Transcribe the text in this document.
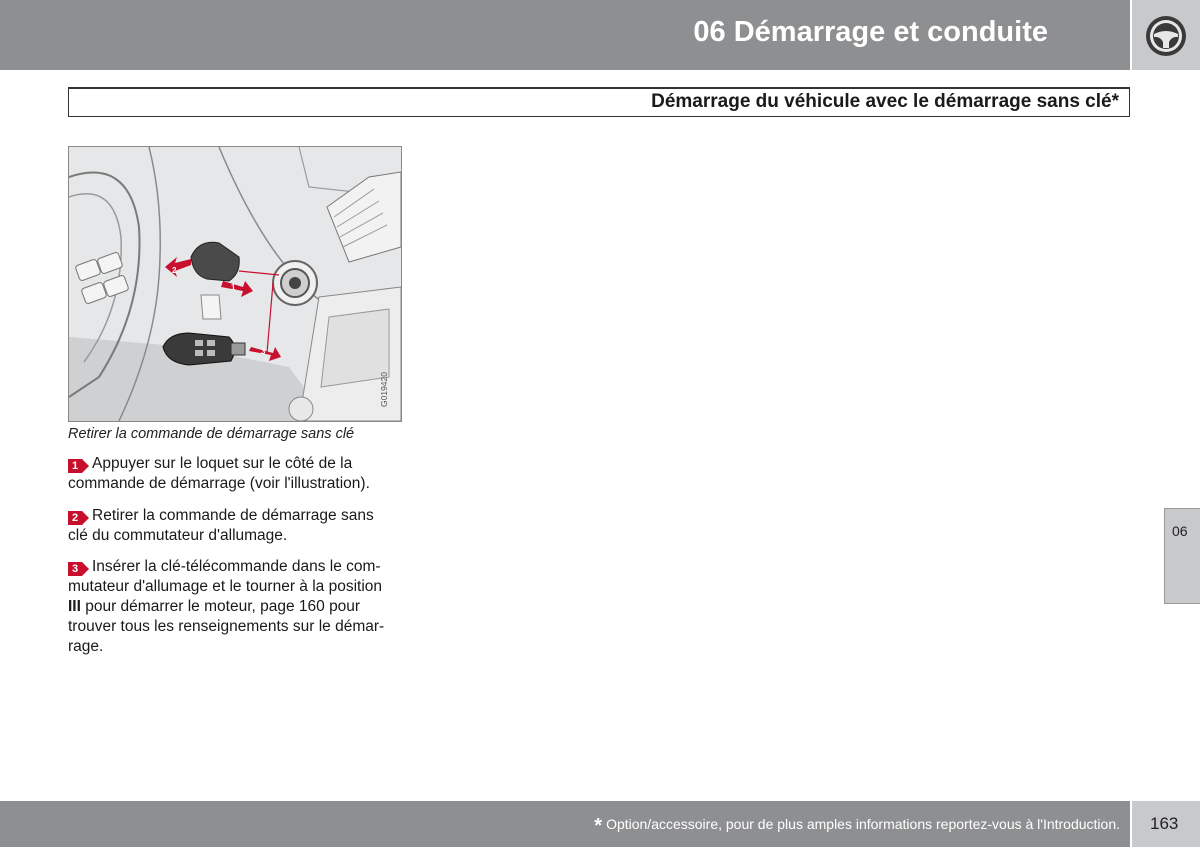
06 Démarrage et conduite
Démarrage du véhicule avec le démarrage sans clé*
3
2
1
G019420
Retirer la commande de démarrage sans clé
1 Appuyer sur le loquet sur le côté de la
commande de démarrage (voir l'illustration).
2 Retirer la commande de démarrage sans
clé du commutateur d'allumage.
3 Insérer la clé-télécommande dans le com-
mutateur d'allumage et le tourner à la position
III pour démarrer le moteur, page 160 pour
trouver tous les renseignements sur le démar-
rage.
06
* Option/accessoire, pour de plus amples informations reportez-vous à l'Introduction. 163
